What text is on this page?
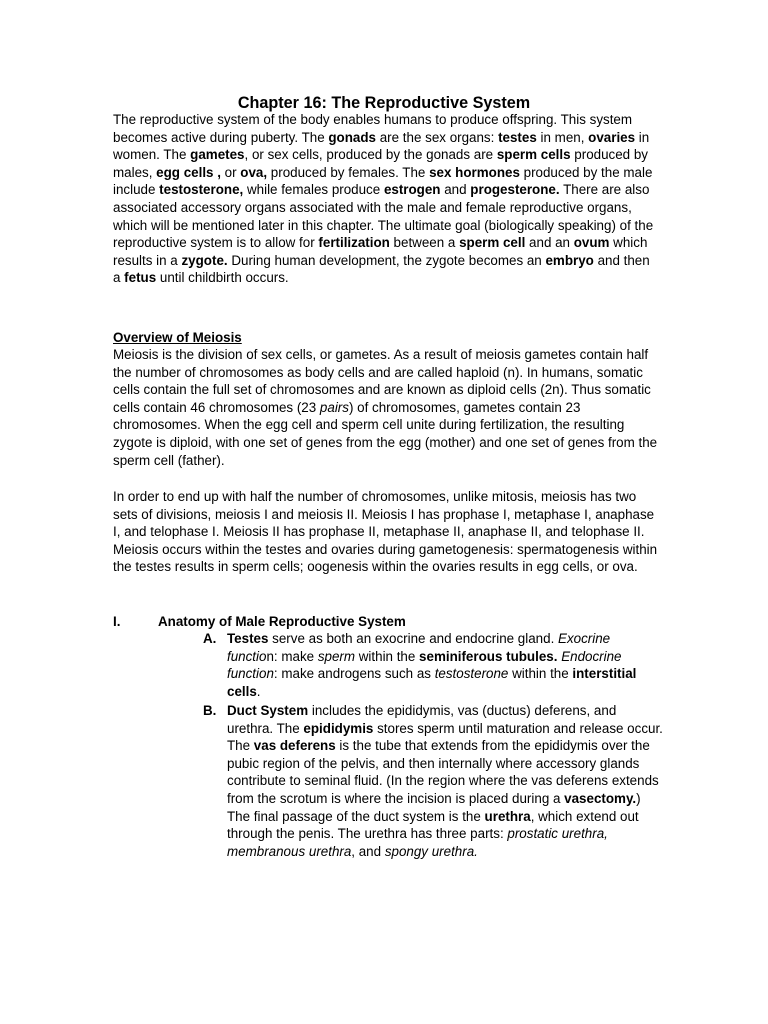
Chapter 16: The Reproductive System

The reproductive system of the body enables humans to produce offspring. This system becomes active during puberty. The gonads are the sex organs: testes in men, ovaries in women. The gametes, or sex cells, produced by the gonads are sperm cells produced by males, egg cells , or ova, produced by females. The sex hormones produced by the male include testosterone, while females produce estrogen and progesterone. There are also associated accessory organs associated with the male and female reproductive organs, which will be mentioned later in this chapter. The ultimate goal (biologically speaking) of the reproductive system is to allow for fertilization between a sperm cell and an ovum which results in a zygote. During human development, the zygote becomes an embryo and then a fetus until childbirth occurs.

Overview of Meiosis

Meiosis is the division of sex cells, or gametes. As a result of meiosis gametes contain half the number of chromosomes as body cells and are called haploid (n). In humans, somatic cells contain the full set of chromosomes and are known as diploid cells (2n). Thus somatic cells contain 46 chromosomes (23 pairs) of chromosomes, gametes contain 23 chromosomes. When the egg cell and sperm cell unite during fertilization, the resulting zygote is diploid, with one set of genes from the egg (mother) and one set of genes from the sperm cell (father).

In order to end up with half the number of chromosomes, unlike mitosis, meiosis has two sets of divisions, meiosis I and meiosis II. Meiosis I has prophase I, metaphase I, anaphase I, and telophase I. Meiosis II has prophase II, metaphase II, anaphase II, and telophase II. Meiosis occurs within the testes and ovaries during gametogenesis: spermatogenesis within the testes results in sperm cells; oogenesis within the ovaries results in egg cells, or ova.

I.	Anatomy of Male Reproductive System
A. Testes serve as both an exocrine and endocrine gland. Exocrine function: make sperm within the seminiferous tubules. Endocrine function: make androgens such as testosterone within the interstitial cells.
B. Duct System includes the epididymis, vas (ductus) deferens, and urethra. The epididymis stores sperm until maturation and release occur. The vas deferens is the tube that extends from the epididymis over the pubic region of the pelvis, and then internally where accessory glands contribute to seminal fluid. (In the region where the vas deferens extends from the scrotum is where the incision is placed during a vasectomy.) The final passage of the duct system is the urethra, which extend out through the penis. The urethra has three parts: prostatic urethra, membranous urethra, and spongy urethra.
